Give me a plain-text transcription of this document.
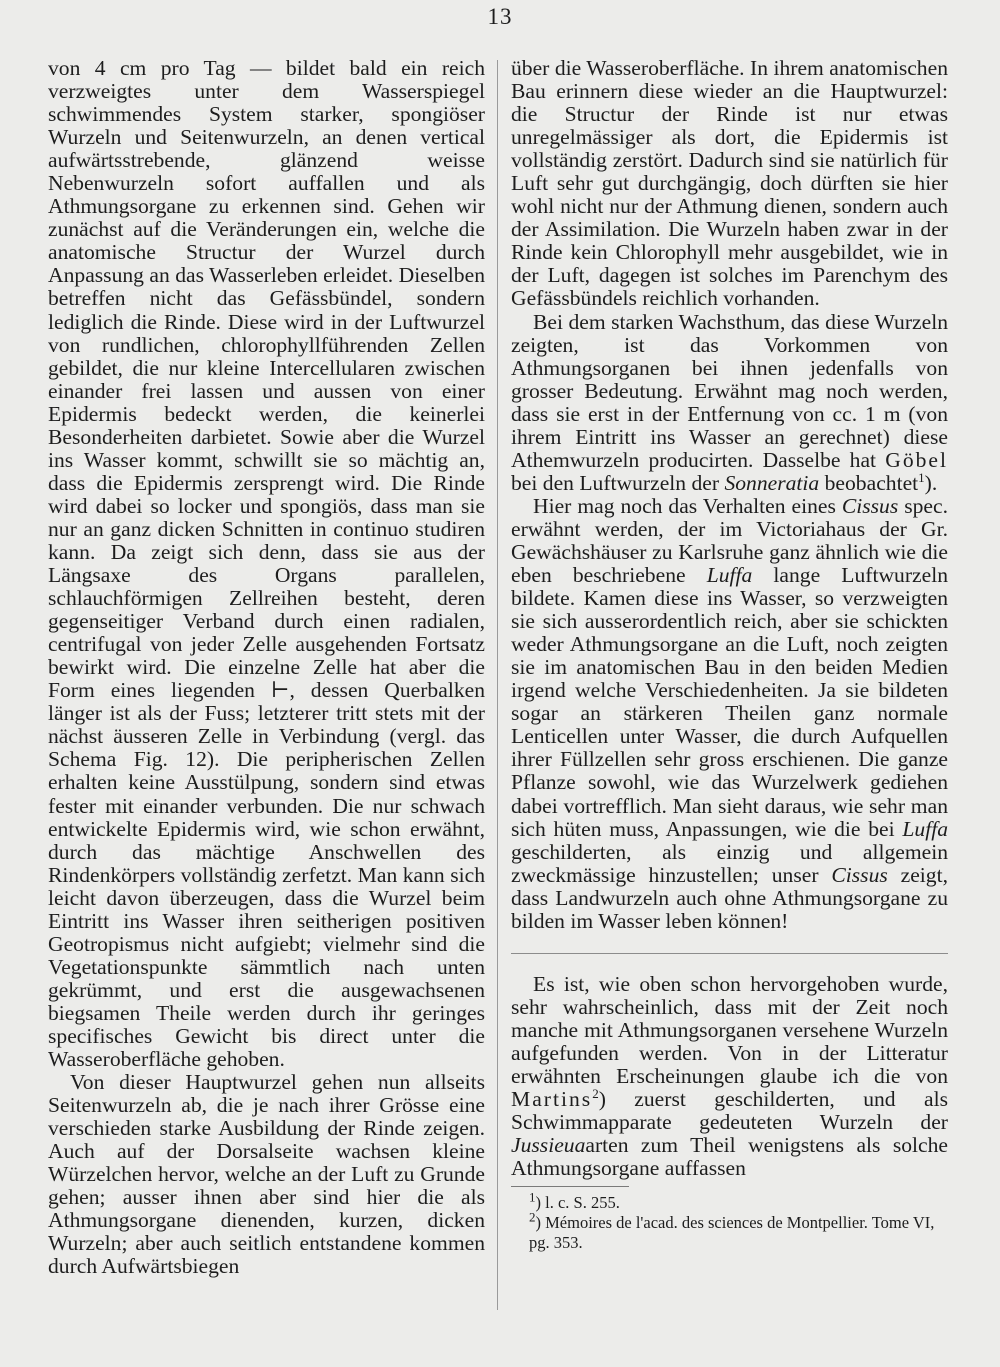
13

von 4 cm pro Tag — bildet bald ein reich verzweigtes unter dem Wasserspiegel schwimmendes System starker, spongiöser Wurzeln und Seitenwurzeln, an denen vertical aufwärtsstrebende, glänzend weisse Nebenwurzeln sofort auffallen und als Athmungsorgane zu erkennen sind. Gehen wir zunächst auf die Veränderungen ein, welche die anatomische Structur der Wurzel durch Anpassung an das Wasserleben erleidet. Dieselben betreffen nicht das Gefässbündel, sondern lediglich die Rinde. Diese wird in der Luftwurzel von rundlichen, chlorophyllführenden Zellen gebildet, die nur kleine Intercellularen zwischen einander frei lassen und aussen von einer Epidermis bedeckt werden, die keinerlei Besonderheiten darbietet. Sowie aber die Wurzel ins Wasser kommt, schwillt sie so mächtig an, dass die Epidermis zersprengt wird. Die Rinde wird dabei so locker und spongiös, dass man sie nur an ganz dicken Schnitten in continuo studiren kann. Da zeigt sich denn, dass sie aus der Längsaxe des Organs parallelen, schlauchförmigen Zellreihen besteht, deren gegenseitiger Verband durch einen radialen, centrifugal von jeder Zelle ausgehenden Fortsatz bewirkt wird. Die einzelne Zelle hat aber die Form eines liegenden ⊢, dessen Querbalken länger ist als der Fuss; letzterer tritt stets mit der nächst äusseren Zelle in Verbindung (vergl. das Schema Fig. 12). Die peripherischen Zellen erhalten keine Ausstülpung, sondern sind etwas fester mit einander verbunden. Die nur schwach entwickelte Epidermis wird, wie schon erwähnt, durch das mächtige Anschwellen des Rindenkörpers vollständig zerfetzt. Man kann sich leicht davon überzeugen, dass die Wurzel beim Eintritt ins Wasser ihren seitherigen positiven Geotropismus nicht aufgiebt; vielmehr sind die Vegetationspunkte sämmtlich nach unten gekrümmt, und erst die ausgewachsenen biegsamen Theile werden durch ihr geringes specifisches Gewicht bis direct unter die Wasseroberfläche gehoben.

Von dieser Hauptwurzel gehen nun allseits Seitenwurzeln ab, die je nach ihrer Grösse eine verschieden starke Ausbildung der Rinde zeigen. Auch auf der Dorsalseite wachsen kleine Würzelchen hervor, welche an der Luft zu Grunde gehen; ausser ihnen aber sind hier die als Athmungsorgane dienenden, kurzen, dicken Wurzeln; aber auch seitlich entstandene kommen durch Aufwärtsbiegen

über die Wasseroberfläche. In ihrem anatomischen Bau erinnern diese wieder an die Hauptwurzel: die Structur der Rinde ist nur etwas unregelmässiger als dort, die Epidermis ist vollständig zerstört. Dadurch sind sie natürlich für Luft sehr gut durchgängig, doch dürften sie hier wohl nicht nur der Athmung dienen, sondern auch der Assimilation. Die Wurzeln haben zwar in der Rinde kein Chlorophyll mehr ausgebildet, wie in der Luft, dagegen ist solches im Parenchym des Gefässbündels reichlich vorhanden.

Bei dem starken Wachsthum, das diese Wurzeln zeigten, ist das Vorkommen von Athmungsorganen bei ihnen jedenfalls von grosser Bedeutung. Erwähnt mag noch werden, dass sie erst in der Entfernung von cc. 1 m (von ihrem Eintritt ins Wasser an gerechnet) diese Athemwurzeln producirten. Dasselbe hat Göbel bei den Luftwurzeln der Sonneratia beobachtet$^1$).

Hier mag noch das Verhalten eines Cissus spec. erwähnt werden, der im Victoriahaus der Gr. Gewächshäuser zu Karlsruhe ganz ähnlich wie die eben beschriebene Luffa lange Luftwurzeln bildete. Kamen diese ins Wasser, so verzweigten sie sich ausserordentlich reich, aber sie schickten weder Athmungsorgane an die Luft, noch zeigten sie im anatomischen Bau in den beiden Medien irgend welche Verschiedenheiten. Ja sie bildeten sogar an stärkeren Theilen ganz normale Lenticellen unter Wasser, die durch Aufquellen ihrer Füllzellen sehr gross erschienen. Die ganze Pflanze sowohl, wie das Wurzelwerk gediehen dabei vortrefflich. Man sieht daraus, wie sehr man sich hüten muss, Anpassungen, wie die bei Luffa geschilderten, als einzig und allgemein zweckmässige hinzustellen; unser Cissus zeigt, dass Landwurzeln auch ohne Athmungsorgane zu bilden im Wasser leben können!

Es ist, wie oben schon hervorgehoben wurde, sehr wahrscheinlich, dass mit der Zeit noch manche mit Athmungsorganen versehene Wurzeln aufgefunden werden. Von in der Litteratur erwähnten Erscheinungen glaube ich die von Martins$^2$) zuerst geschilderten, und als Schwimmapparate gedeuteten Wurzeln der Jussieuaarten zum Theil wenigstens als solche Athmungsorgane auffassen

$^1$) l. c. S. 255.

$^2$) Mémoires de l'acad. des sciences de Montpellier. Tome VI, pg. 353.
